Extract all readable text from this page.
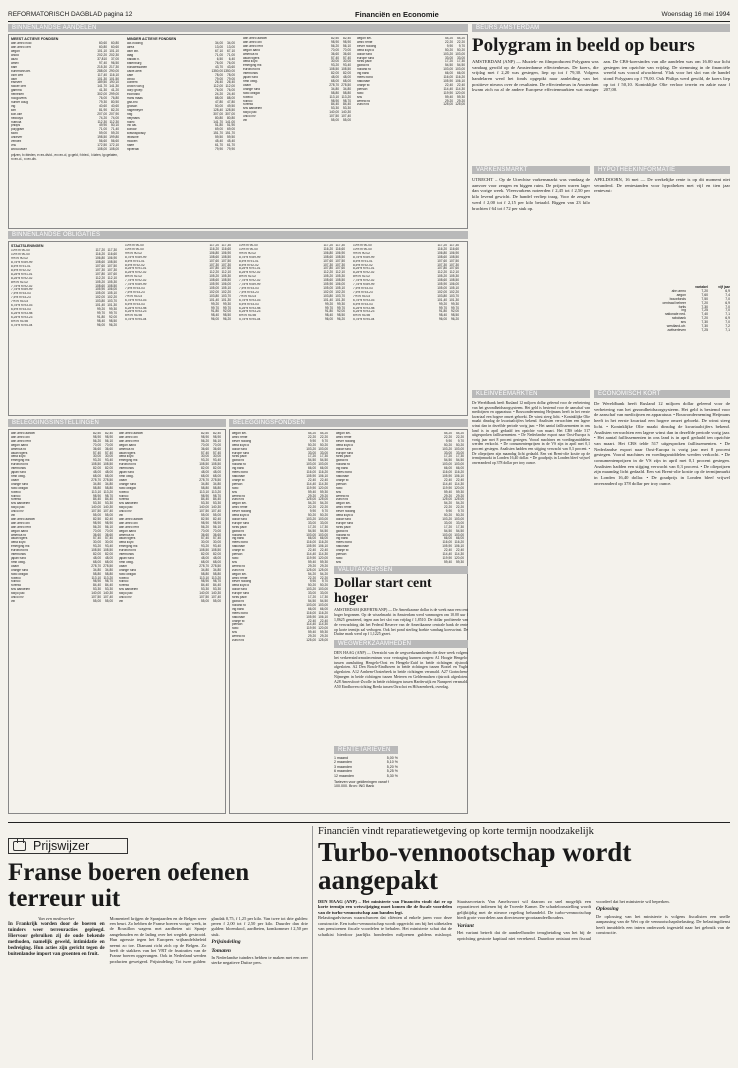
REFORMATORISCH DAGBLAD pagina 12	Financiën en Economie	Woensdag 16 mei 1994
BINNENLANDSE AANDELEN
MEEST ACTIEVE FONDSEN
abn amro hold	60,60	60,80
abn amro cert	60,80	60,60
aegon	101,10 101,10
ahold	202,20 202,30
akzo	37,810	37,00
amev	97,40	96,50
bam	215,30 217,30
buhrmann-tet.	288,00 290,00
csm cert	117,40 116,10
dsm	101,30 101,50
elsevier	189,50 190,10
fokker cert	141,70 141,30
gamma	41,30	41,20
heineken	302,00 299,00
hoogovens	76,00	76,80
hunter doug	79,30	80,50
ing	40,60	40,60
klm	81,90	82,20
kon.olie	207,00 207,90
nedlloyd	74,20	74,00
nutricia	112,30 112,30
philips	49,90	50,10
polygram	71,00	71,40
stork	59,00	59,20
unilever	198,50 199,80
vendex	56,60	56,60
vnu	172,50 172,10
wolt.kluwer	108,00 108,00
prijzen, b=bieden, e=ex-divid., ex=ex-cl, g=geld, f=bied., l=laten, lg=gelaten, n=ex-cl., x=ex-div.
MINDER ACTIEVE FONDSEN
acf-holding	34,00	34,00
alrea	13,00	13,00
asm lith.	67,10	67,10
atag	71,00	71,00
ballast n.	6,50	6,40
batenburg	76,00	76,00
bolswessanen	43,70	43,60
calvé-delft	1350,00 1350,00
cate	78,00	78,00
cindu	79,00	79,00
content	26,40	26,40
crown van g	112,00 112,00
dorp groep	76,00	76,00
econosto	24,20	24,40
frans maas	88,00	88,00
gist-bro	47,80	47,80
grolsch	50,00	49,50
hagemeyer	128,40 128,50
hbg	307,00 307,00
heijmans	80,80	80,80
holec	141,70 141,00
ihc cal.	51,80	51,90
kondor	69,00	69,00
krasnapolsky	151,70 151,70
leidsche	59,50	59,50
moolen	45,40	45,40
naeff	61,70	61,70
nijverdal	79,90	79,90
abn amro aandel	82,50	82,40
abn amro obl	98,90	98,90
abn amro rent	56,20	56,10
aegon aand	70,00	70,00
america fd	36,60	36,60
asian tigers	57,40	57,40
delta lloyd	30,00	30,00
emerging mk	93,20	93,40
eurobond fd	108,50 108,50
interbonds	82,00	82,00
japan fund	48,00	48,00
nmb oblig.	68,00	68,00
obam	278,70 278,50
orange fund	34,80	34,80
rabo obligat	58,80	58,80
robeco	113,10 113,20
rolinco	98,90	98,70
rorento	84,40	84,40
sns aandelen	53,30	53,30
tokyo pac	140,00 140,30
unico inv	107,50 107,40
vib	55,00	55,00
aegon sel.	54,20	54,20
amro rente	22,20	22,20
bever holding	9,90	9,70
delta lloyd 8	50,20	50,20
dollar fund	103,20 103,00
europe fund	33,00	33,00
fortis pacif	17,20	17,30
global fd	54,50	54,50
holland fd	103,00 103,00
ing bank	66,00	66,00
mees bond	116,00 116,20
nationale	105,90 106,10
oranje fd	22,40	22,40
pierson	114,40 114,30
rabo	119,90 120,00
sns	59,40	59,30
wereld fd	29,20	29,20
zurich fd	125,00 125,00
BINNENLANDSE OBLIGATIES
STAATSLENINGEN
10% nl 90-00	117,20 117,30
10% nl 90-00	116,20 116,60
9% nl 90-02	106,80 106,90
8,75% nl 89-99	108,60 108,50
8,5% nl 91-01	107,60 107,50
8,5% nl 92-02	107,30 107,30
8,25% nl 91-01	107,80 107,60
8,25% nl 92-02	112,20 112,10
8% nl 92-02	105,20 105,30
7,75% nl 92-02	108,60 108,50
7,75% nl 89-99	105,90 106,00
7,5% nl 93-03	105,00 105,10
7,5% nl 93-23	102,00 102,20
7% nl 93-03	103,80 103,70
6,75% nl 93-03	101,40 101,30
6,5% nl 93-03	99,20	99,30
6,25% nl 93-98	99,70	99,70
6,25% nl 93-23	91,80	92,00
6% nl 93-98	98,40	98,50
5,75% nl 94-04	96,00	96,20
10% nl 90-00	117,20 117,30
10% nl 90-00	116,20 116,60
9% nl 90-02	106,80 106,90
8,75% nl 89-99	108,60 108,50
8,5% nl 91-01	107,60 107,50
8,5% nl 92-02	107,30 107,30
8,25% nl 91-01	107,80 107,60
8,25% nl 92-02	112,20 112,10
8% nl 92-02	105,20 105,30
7,75% nl 92-02	108,60 108,50
7,75% nl 89-99	105,90 106,00
7,5% nl 93-03	105,00 105,10
7,5% nl 93-23	102,00 102,20
7% nl 93-03	103,80 103,70
6,75% nl 93-03	101,40 101,30
6,5% nl 93-03	99,20	99,30
6,25% nl 93-98	99,70	99,70
6,25% nl 93-23	91,80	92,00
6% nl 93-98	98,40	98,50
5,75% nl 94-04	96,00	96,20
10% nl 90-00	117,20 117,30
10% nl 90-00	116,20 116,60
9% nl 90-02	106,80 106,90
8,75% nl 89-99	108,60 108,50
8,5% nl 91-01	107,60 107,50
8,5% nl 92-02	107,30 107,30
8,25% nl 91-01	107,80 107,60
8,25% nl 92-02	112,20 112,10
8% nl 92-02	105,20 105,30
7,75% nl 92-02	108,60 108,50
7,75% nl 89-99	105,90 106,00
7,5% nl 93-03	105,00 105,10
7,5% nl 93-23	102,00 102,20
7% nl 93-03	103,80 103,70
6,75% nl 93-03	101,40 101,30
6,5% nl 93-03	99,20	99,30
6,25% nl 93-98	99,70	99,70
6,25% nl 93-23	91,80	92,00
6% nl 93-98	98,40	98,50
5,75% nl 94-04	96,00	96,20
10% nl 90-00	117,20 117,30
10% nl 90-00	116,20 116,60
9% nl 90-02	106,80 106,90
8,75% nl 89-99	108,60 108,50
8,5% nl 91-01	107,60 107,50
8,5% nl 92-02	107,30 107,30
8,25% nl 91-01	107,80 107,60
8,25% nl 92-02	112,20 112,10
8% nl 92-02	105,20 105,30
7,75% nl 92-02	108,60 108,50
7,75% nl 89-99	105,90 106,00
7,5% nl 93-03	105,00 105,10
7,5% nl 93-23	102,00 102,20
7% nl 93-03	103,80 103,70
6,75% nl 93-03	101,40 101,30
6,5% nl 93-03	99,20	99,30
6,25% nl 93-98	99,70	99,70
6,25% nl 93-23	91,80	92,00
6% nl 93-98	98,40	98,50
5,75% nl 94-04	96,00	96,20
BELEGGINGSINSTELLINGEN
abn amro aandel	82,50	82,40
abn amro obl	98,90	98,90
abn amro rent	56,20	56,10
aegon aand	70,00	70,00
america fd	36,60	36,60
asian tigers	57,40	57,40
delta lloyd	30,00	30,00
emerging mk	93,20	93,40
eurobond fd	108,50 108,50
interbonds	82,00	82,00
japan fund	48,00	48,00
nmb oblig.	68,00	68,00
obam	278,70 278,50
orange fund	34,80	34,80
rabo obligat	58,80	58,80
robeco	113,10 113,20
rolinco	98,90	98,70
rorento	84,40	84,40
sns aandelen	53,30	53,30
tokyo pac	140,00 140,30
unico inv	107,50 107,40
vib	55,00	55,00
abn amro aandel	82,50	82,40
abn amro obl	98,90	98,90
abn amro rent	56,20	56,10
aegon aand	70,00	70,00
america fd	36,60	36,60
asian tigers	57,40	57,40
delta lloyd	30,00	30,00
emerging mk	93,20	93,40
eurobond fd	108,50 108,50
interbonds	82,00	82,00
japan fund	48,00	48,00
nmb oblig.	68,00	68,00
obam	278,70 278,50
orange fund	34,80	34,80
rabo obligat	58,80	58,80
robeco	113,10 113,20
rolinco	98,90	98,70
rorento	84,40	84,40
sns aandelen	53,30	53,30
tokyo pac	140,00 140,30
unico inv	107,50 107,40
vib	55,00	55,00
abn amro aandel	82,50	82,40
abn amro obl	98,90	98,90
abn amro rent	56,20	56,10
aegon aand	70,00	70,00
america fd	36,60	36,60
asian tigers	57,40	57,40
delta lloyd	30,00	30,00
emerging mk	93,20	93,40
eurobond fd	108,50 108,50
interbonds	82,00	82,00
japan fund	48,00	48,00
nmb oblig.	68,00	68,00
obam	278,70 278,50
orange fund	34,80	34,80
rabo obligat	58,80	58,80
robeco	113,10 113,20
rolinco	98,90	98,70
rorento	84,40	84,40
sns aandelen	53,30	53,30
tokyo pac	140,00 140,30
unico inv	107,50 107,40
vib	55,00	55,00
abn amro aandel	82,50	82,40
abn amro obl	98,90	98,90
abn amro rent	56,20	56,10
aegon aand	70,00	70,00
america fd	36,60	36,60
asian tigers	57,40	57,40
delta lloyd	30,00	30,00
emerging mk	93,20	93,40
eurobond fd	108,50 108,50
interbonds	82,00	82,00
japan fund	48,00	48,00
nmb oblig.	68,00	68,00
obam	278,70 278,50
orange fund	34,80	34,80
rabo obligat	58,80	58,80
robeco	113,10 113,20
rolinco	98,90	98,70
rorento	84,40	84,40
sns aandelen	53,30	53,30
tokyo pac	140,00 140,30
unico inv	107,50 107,40
vib	55,00	55,00
BELEGGINGSFONDSEN
aegon sel.	54,20	54,20
amro rente	22,20	22,20
bever holding	9,90	9,70
delta lloyd 8	50,20	50,20
dollar fund	103,20 103,00
europe fund	33,00	33,00
fortis pacif	17,20	17,30
global fd	54,50	54,50
holland fd	103,00 103,00
ing bank	66,00	66,00
mees bond	116,00 116,20
nationale	105,90 106,10
oranje fd	22,40	22,40
pierson	114,40 114,30
rabo	119,90 120,00
sns	59,40	59,30
wereld fd	29,20	29,20
zurich fd	125,00 125,00
aegon sel.	54,20	54,20
amro rente	22,20	22,20
bever holding	9,90	9,70
delta lloyd 8	50,20	50,20
dollar fund	103,20 103,00
europe fund	33,00	33,00
fortis pacif	17,20	17,30
global fd	54,50	54,50
holland fd	103,00 103,00
ing bank	66,00	66,00
mees bond	116,00 116,20
nationale	105,90 106,10
oranje fd	22,40	22,40
pierson	114,40 114,30
rabo	119,90 120,00
sns	59,40	59,30
wereld fd	29,20	29,20
zurich fd	125,00 125,00
aegon sel.	54,20	54,20
amro rente	22,20	22,20
bever holding	9,90	9,70
delta lloyd 8	50,20	50,20
dollar fund	103,20 103,00
europe fund	33,00	33,00
fortis pacif	17,20	17,30
global fd	54,50	54,50
holland fd	103,00 103,00
ing bank	66,00	66,00
mees bond	116,00 116,20
nationale	105,90 106,10
oranje fd	22,40	22,40
pierson	114,40 114,30
rabo	119,90 120,00
sns	59,40	59,30
wereld fd	29,20	29,20
zurich fd	125,00 125,00
aegon sel.	54,20	54,20
amro rente	22,20	22,20
bever holding	9,90	9,70
delta lloyd 8	50,20	50,20
dollar fund	103,20 103,00
europe fund	33,00	33,00
fortis pacif	17,20	17,30
global fd	54,50	54,50
holland fd	103,00 103,00
ing bank	66,00	66,00
mees bond	116,00 116,20
nationale	105,90 106,10
oranje fd	22,40	22,40
pierson	114,40 114,30
rabo	119,90 120,00
sns	59,40	59,30
wereld fd	29,20	29,20
zurich fd	125,00 125,00
aegon sel.	54,20	54,20
amro rente	22,20	22,20
bever holding	9,90	9,70
delta lloyd 8	50,20	50,20
dollar fund	103,20 103,00
europe fund	33,00	33,00
fortis pacif	17,20	17,30
global fd	54,50	54,50
holland fd	103,00 103,00
ing bank	66,00	66,00
mees bond	116,00 116,20
nationale	105,90 106,10
oranje fd	22,40	22,40
pierson	114,40 114,30
rabo	119,90 120,00
sns	59,40	59,30
BEURS AMSTERDAM
Polygram in beeld op beurs
AMSTERDAM (ANP) — Muziek- en filmproducent Polygram was vandaag gewild op de Amsterdamse effectenbeurs. De koers, die vrijdag met f 2,20 was gestegen, liep op tot f 79,30. Volgens handelaren werd het fonds opgepikt naar aanleiding van het positieve nieuws over de resultaten. De effectenbeurs in Amsterdam kwam zich na al de andere Europese effectenmarkten wat rustiger aan. De CBS-koersindex van alle aandelen was om 16.00 uur licht gestegen ten opzichte van vrijdag. De stemming in de financiële wereld was vooral afwachtend. Vlak voor het slot van de handel stond Polygram op f 79,00. Ook Philips werd gewild, de koers liep op tot f 50,10. Koninklijke Olie verloor terrein en zakte naar f 207,00.
VARKENSMARKT
UTRECHT – Op de Utrechtse varkensmarkt was vandaag de aanvoer voor zeugen en biggen ruim. De prijzen waren lager dan vorige week. Vleesvarkens noteerden f 2,45 tot f 2,50 per kilo levend gewicht. De handel verliep traag. Voor de zeugen werd f 2,00 tot f 2,15 per kilo betaald. Biggen van 23 kilo brachten f 64 tot f 72 per stuk op.
HYPOTHEEKINFORMATIE
APELDOORN, 16 mei — De werkelijke rente is op dit moment niet veranderd. De rentestanden voor hypotheken met vijf en tien jaar rentevast:
variabel	vijf jaar
abn amro	7,20	6,9
aegon	7,60	7,4
bouwfonds	7,50	7,0
centraal beheer	7,20	6,9
fortis	7,30	7,0
ing	7,25	7,0
nationale ned.	7,40	7,1
rabobank	7,20	6,9
sns	7,30	7,0
westland-utr.	7,30	7,2
zwitserleven	7,25	7,1
KLEINVEEMARKTEN
De Wereldbank heeft Rusland 12 miljoen dollar geleend voor de verbetering van het gezondheidszorgsysteem. Het geld is bestemd voor de aanschaf van medicijnen en apparatuur. • Bouwonderneming Heijmans heeft in het eerste kwartaal een hogere omzet geboekt. De winst steeg licht. • Koninklijke Olie maakt dinsdag de kwartaalcijfers bekend. Analisten verwachten een lagere winst dan in dezelfde periode vorig jaar. • Het aantal faillissementen in ons land is in april gedaald ten opzichte van maart. Het CBS telde 517 uitgesproken faillissementen. • De Nederlandse export naar Oost-Europa is vorig jaar met 8 procent gestegen. Vooral machines en voedingsmiddelen werden verkocht. • De consumentenprijzen in de VS zijn in april met 0,1 procent gestegen. Analisten hadden een stijging verwacht van 0,3 procent. • De olieprijzen zijn maandag licht gedaald. Een vat Brent-olie kostte op de termijnmarkt in Londen 16,40 dollar. • De goudprijs in Londen bleef vrijwel onveranderd op 378 dollar per troy ounce.
ECONOMISCH KORT
De Wereldbank heeft Rusland 12 miljoen dollar geleend voor de verbetering van het gezondheidszorgsysteem. Het geld is bestemd voor de aanschaf van medicijnen en apparatuur. • Bouwonderneming Heijmans heeft in het eerste kwartaal een hogere omzet geboekt. De winst steeg licht. • Koninklijke Olie maakt dinsdag de kwartaalcijfers bekend. Analisten verwachten een lagere winst dan in dezelfde periode vorig jaar. • Het aantal faillissementen in ons land is in april gedaald ten opzichte van maart. Het CBS telde 517 uitgesproken faillissementen. • De Nederlandse export naar Oost-Europa is vorig jaar met 8 procent gestegen. Vooral machines en voedingsmiddelen werden verkocht. • De consumentenprijzen in de VS zijn in april met 0,1 procent gestegen. Analisten hadden een stijging verwacht van 0,3 procent. • De olieprijzen zijn maandag licht gedaald. Een vat Brent-olie kostte op de termijnmarkt in Londen 16,40 dollar. • De goudprijs in Londen bleef vrijwel onveranderd op 378 dollar per troy ounce.
VALUTAKOERSEN
Dollar start cent hoger
AMSTERDAM (KRP/RTR/ANP) — De Amerikaanse dollar is de week naar een cent hoger begonnen. Op de wisselmarkt in Amsterdam werd vanmorgen om 10.00 uur f 1,8625 genoteerd, tegen aan het slot van vrijdag f 1,8510. De dollar profiteerde van de verwachting dat het Federal Reserve van de Amerikaanse centrale bank de rente op korte termijn zal verhogen. Ook het pond sterling boekte vandaag koerswinst. De Duitse mark werd op f 1,1225 gezet.
WEGWERKZAAMHEDEN
DEN HAAG (ANP) — Overzicht van de wegwerkzaamheden die deze week volgens het verkeersinformatiecentrum voor vertraging kunnen zorgen: A1 Hoogte Hengelo: tussen aansluiting Hengelo-Oost en Hengelo-Zuid in beide richtingen rijstrook afgesloten. A2 Den Bosch-Eindhoven in beide richtingen tussen Boxtel en Vught afgesloten. A12 Arnhem-Oosterbeek in beide richtingen versmald. A27 Gorinchem-Nijmegen in beide richtingen tussen Meteren en Geldermalsen rijstrook afgesloten. A28 Amersfoort-Zwolle in beide richtingen tussen Harderwijk en Nunspeet versmald. A50 Eindhoven richting Breda tussen Oirschot en Hilvarenbeek, overdag.
RENTETARIEVEN
1 maand	5,00 %
2 maanden	5,10 %
3 maanden	5,20 %
6 maanden	5,25 %
12 maanden	5,30 %
Tarieven voor geldleningen vanaf f 100.000. Bron: ING Bank
Prijswijzer
Franse boeren oefenen terreur uit
Van een medewerker
In Frankrijk worden door de boeren en tuinders weer terreuracties gepleegd. Hiervoor gebruiken zij de oude bekende methoden, namelijk geweld, intimidatie en bedreiging. Hun acties zijn gericht tegen de buitenlandse import van groenten en fruit.
Momenteel krijgen de Spanjaarden en de Belgen weer een beurt. Zo hebben de Franse boeren vorige week, in de Rousillon wagens met aardbeien uit Spanje aangehouden en de lading over het wegdek gestrooid. Hun agressie tegen het Europees vrijhandelsbeleid neemt zo toe. Diamant richt zich op de Belgen. Zo heeft de stakkers van het VRT de frustraties van de Franse boeren opgevangen. Ook in Nederland werden producten geweigerd. Prijsindeling: Tot twee gulden: glasdak 0,75, f 1,25 per kilo. Van twee tot drie gulden: peren f 2,00 tot f 2,50 per kilo. Duurder dan drie gulden: bloemkool, aardbeien, komkommer f 2,50 per stuk.
Prijsindeling
Tomaten
In Nederlandse tuinders hebben te maken met een zeer sterke negatieve Duitse pers.
Financiën vindt reparatiewetgeving op korte termijn noodzakelijk
Turbo-vennootschap wordt aangepakt
DEN HAAG (ANP) – Het ministerie van Financiën vindt dat er op korte termijn een wetswijziging moet komen die de fiscale voordelen van de turbo-vennootschap aan banden legt.
Belastingadviseurs waarschuwen dat cliënten al enkele jaren voor deze constructie. Een turbo-vennootschap wordt opgericht om bij het uitbetalen van pensioenen fiscale voordelen te behalen. Het ministerie schat dat de schatkist hierdoor jaarlijks honderden miljoenen guldens misloopt. Staatssecretaris Van Amelsvoort wil daarom zo snel mogelijk een reparatiewet indienen bij de Tweede Kamer. De schadeloosstelling wordt gelijktijdig met de nieuwe regeling behandeld. De turbo-vennootschap biedt grote voordelen aan directeuren-grootaandeelhouders.
Variant
Het variant betreft dat de aandeelhouder terugbetaling van het bij de oprichting gestorte kapitaal niet verrekend. Daardoor ontstaat een fiscaal voordeel dat het ministerie wil beperken.
Oplossing
De oplossing van het ministerie is volgens fiscalisten een snelle aanpassing van de Wet op de vennootschapsbelasting. De belastingdienst heeft inmiddels een intern onderzoek ingesteld naar het gebruik van de constructie.
